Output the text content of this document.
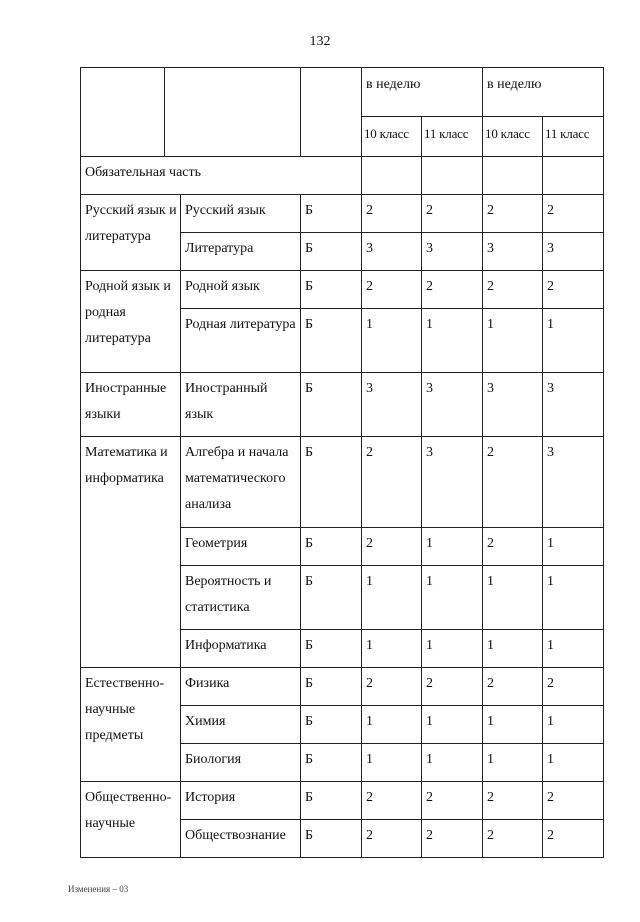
132
				в неделю		в неделю	
				10 класс	11 класс	10 класс	11 класс
Обязательная часть							
Русский язык и литература		Русский язык	Б	2	2	2	2
		Литература	Б	3	3	3	3
Родной язык и родная литература		Родной язык	Б	2	2	2	2
		Родная литература	Б	1	1	1	1
Иностранные языки		Иностранный язык	Б	3	3	3	3
Математика и информатика		Алгебра и начала математического анализа	Б	2	3	2	3
		Геометрия	Б	2	1	2	1
		Вероятность и статистика	Б	1	1	1	1
		Информатика	Б	1	1	1	1
Естественно-научные предметы		Физика	Б	2	2	2	2
		Химия	Б	1	1	1	1
		Биология	Б	1	1	1	1
Общественно-научные		История	Б	2	2	2	2
		Обществознание	Б	2	2	2	2
Изменения – 03
